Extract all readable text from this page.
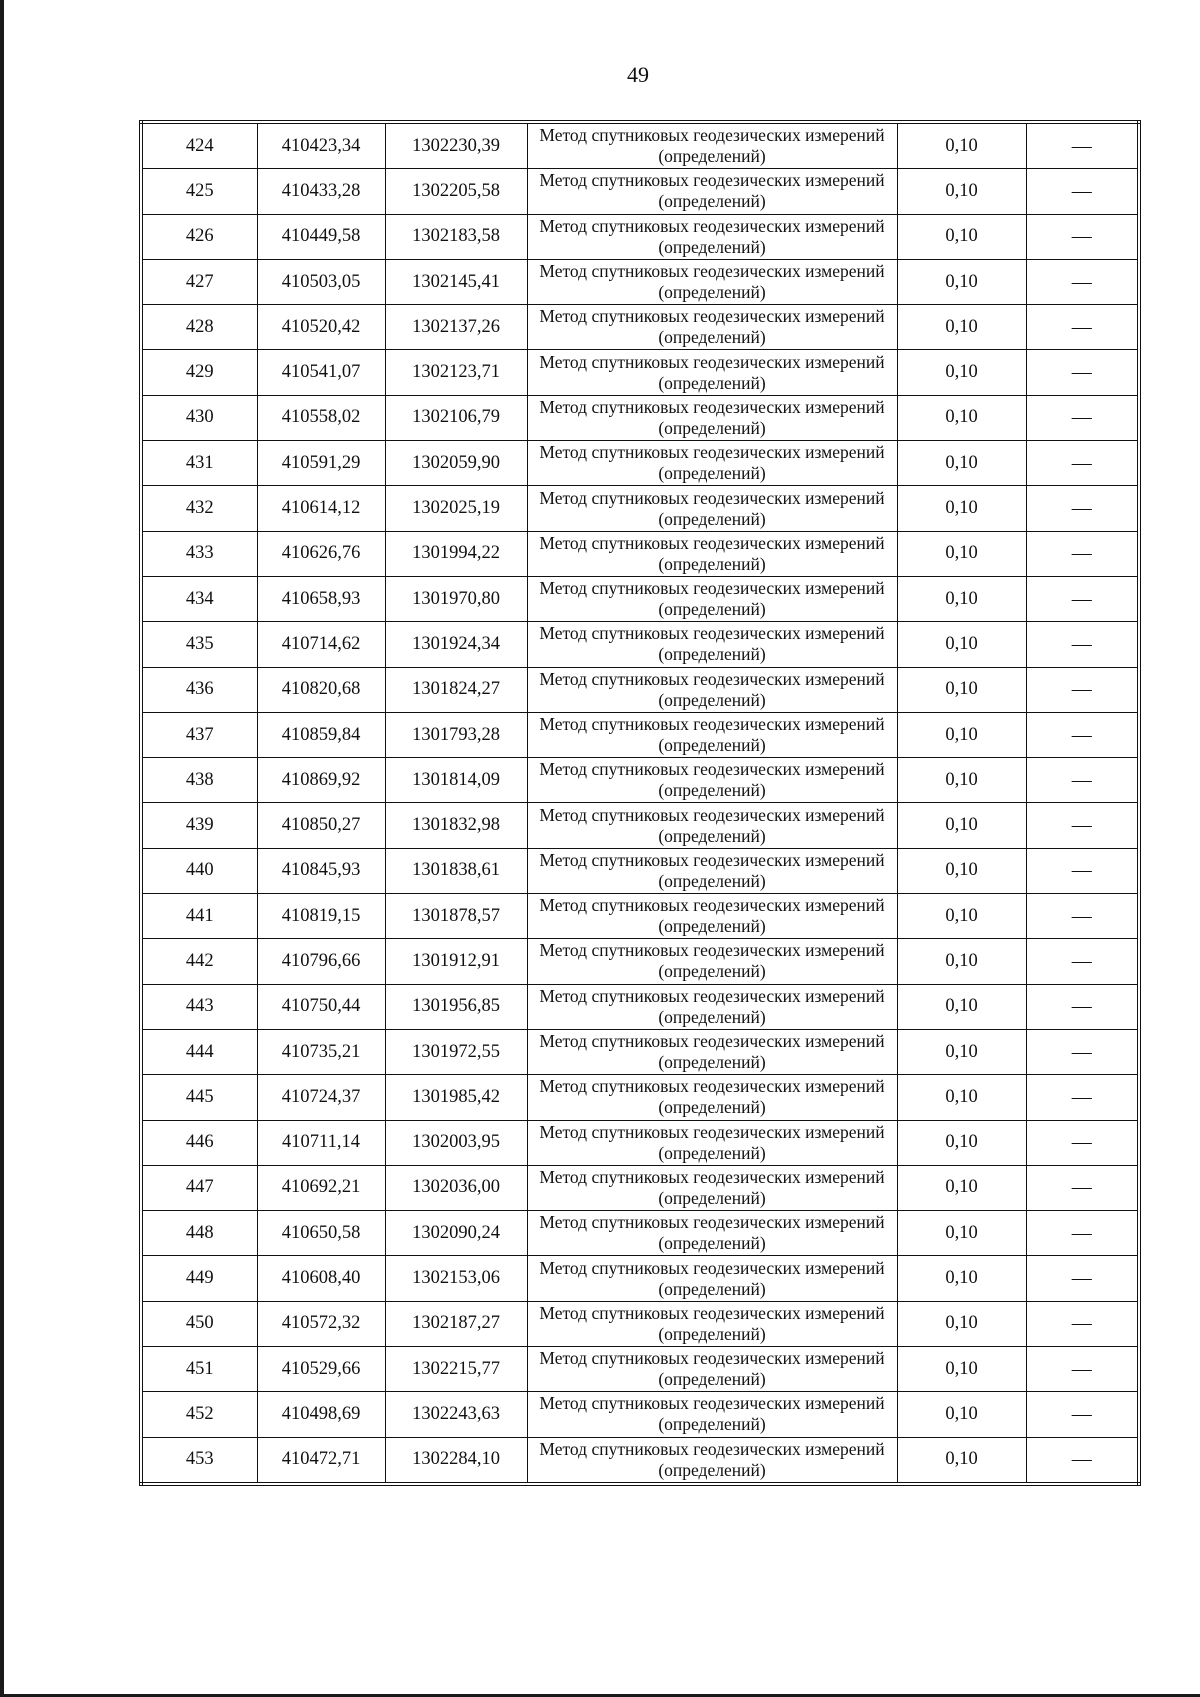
49
424	410423,34	1302230,39	Метод спутниковых геодезических измерений (определений)	0,10	—
425	410433,28	1302205,58	Метод спутниковых геодезических измерений (определений)	0,10	—
426	410449,58	1302183,58	Метод спутниковых геодезических измерений (определений)	0,10	—
427	410503,05	1302145,41	Метод спутниковых геодезических измерений (определений)	0,10	—
428	410520,42	1302137,26	Метод спутниковых геодезических измерений (определений)	0,10	—
429	410541,07	1302123,71	Метод спутниковых геодезических измерений (определений)	0,10	—
430	410558,02	1302106,79	Метод спутниковых геодезических измерений (определений)	0,10	—
431	410591,29	1302059,90	Метод спутниковых геодезических измерений (определений)	0,10	—
432	410614,12	1302025,19	Метод спутниковых геодезических измерений (определений)	0,10	—
433	410626,76	1301994,22	Метод спутниковых геодезических измерений (определений)	0,10	—
434	410658,93	1301970,80	Метод спутниковых геодезических измерений (определений)	0,10	—
435	410714,62	1301924,34	Метод спутниковых геодезических измерений (определений)	0,10	—
436	410820,68	1301824,27	Метод спутниковых геодезических измерений (определений)	0,10	—
437	410859,84	1301793,28	Метод спутниковых геодезических измерений (определений)	0,10	—
438	410869,92	1301814,09	Метод спутниковых геодезических измерений (определений)	0,10	—
439	410850,27	1301832,98	Метод спутниковых геодезических измерений (определений)	0,10	—
440	410845,93	1301838,61	Метод спутниковых геодезических измерений (определений)	0,10	—
441	410819,15	1301878,57	Метод спутниковых геодезических измерений (определений)	0,10	—
442	410796,66	1301912,91	Метод спутниковых геодезических измерений (определений)	0,10	—
443	410750,44	1301956,85	Метод спутниковых геодезических измерений (определений)	0,10	—
444	410735,21	1301972,55	Метод спутниковых геодезических измерений (определений)	0,10	—
445	410724,37	1301985,42	Метод спутниковых геодезических измерений (определений)	0,10	—
446	410711,14	1302003,95	Метод спутниковых геодезических измерений (определений)	0,10	—
447	410692,21	1302036,00	Метод спутниковых геодезических измерений (определений)	0,10	—
448	410650,58	1302090,24	Метод спутниковых геодезических измерений (определений)	0,10	—
449	410608,40	1302153,06	Метод спутниковых геодезических измерений (определений)	0,10	—
450	410572,32	1302187,27	Метод спутниковых геодезических измерений (определений)	0,10	—
451	410529,66	1302215,77	Метод спутниковых геодезических измерений (определений)	0,10	—
452	410498,69	1302243,63	Метод спутниковых геодезических измерений (определений)	0,10	—
453	410472,71	1302284,10	Метод спутниковых геодезических измерений (определений)	0,10	—
